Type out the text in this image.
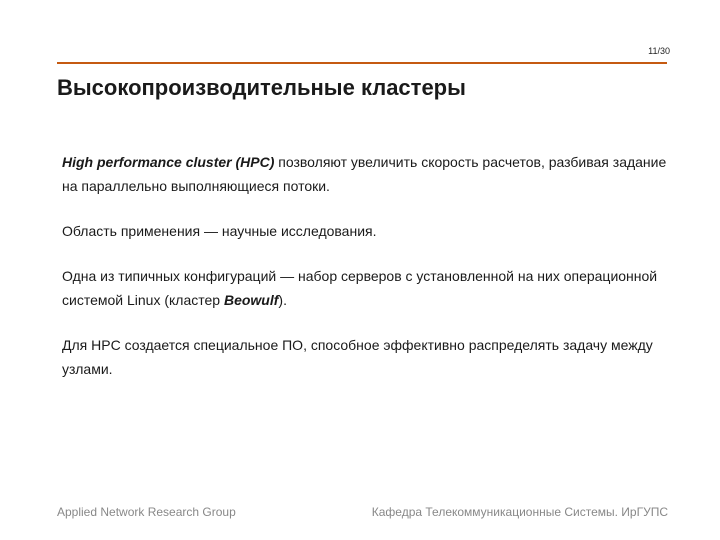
11/30
Высокопроизводительные кластеры

High performance cluster (HPC) позволяют увеличить скорость расчетов, разбивая задание на параллельно выполняющиеся потоки.

Область применения — научные исследования.

Одна из типичных конфигураций — набор серверов с установленной на них операционной системой Linux (кластер Beowulf).

Для HPC создается специальное ПО, способное эффективно распределять задачу между узлами.

Applied Network Research Group	Кафедра Телекоммуникационные Системы. ИрГУПС
